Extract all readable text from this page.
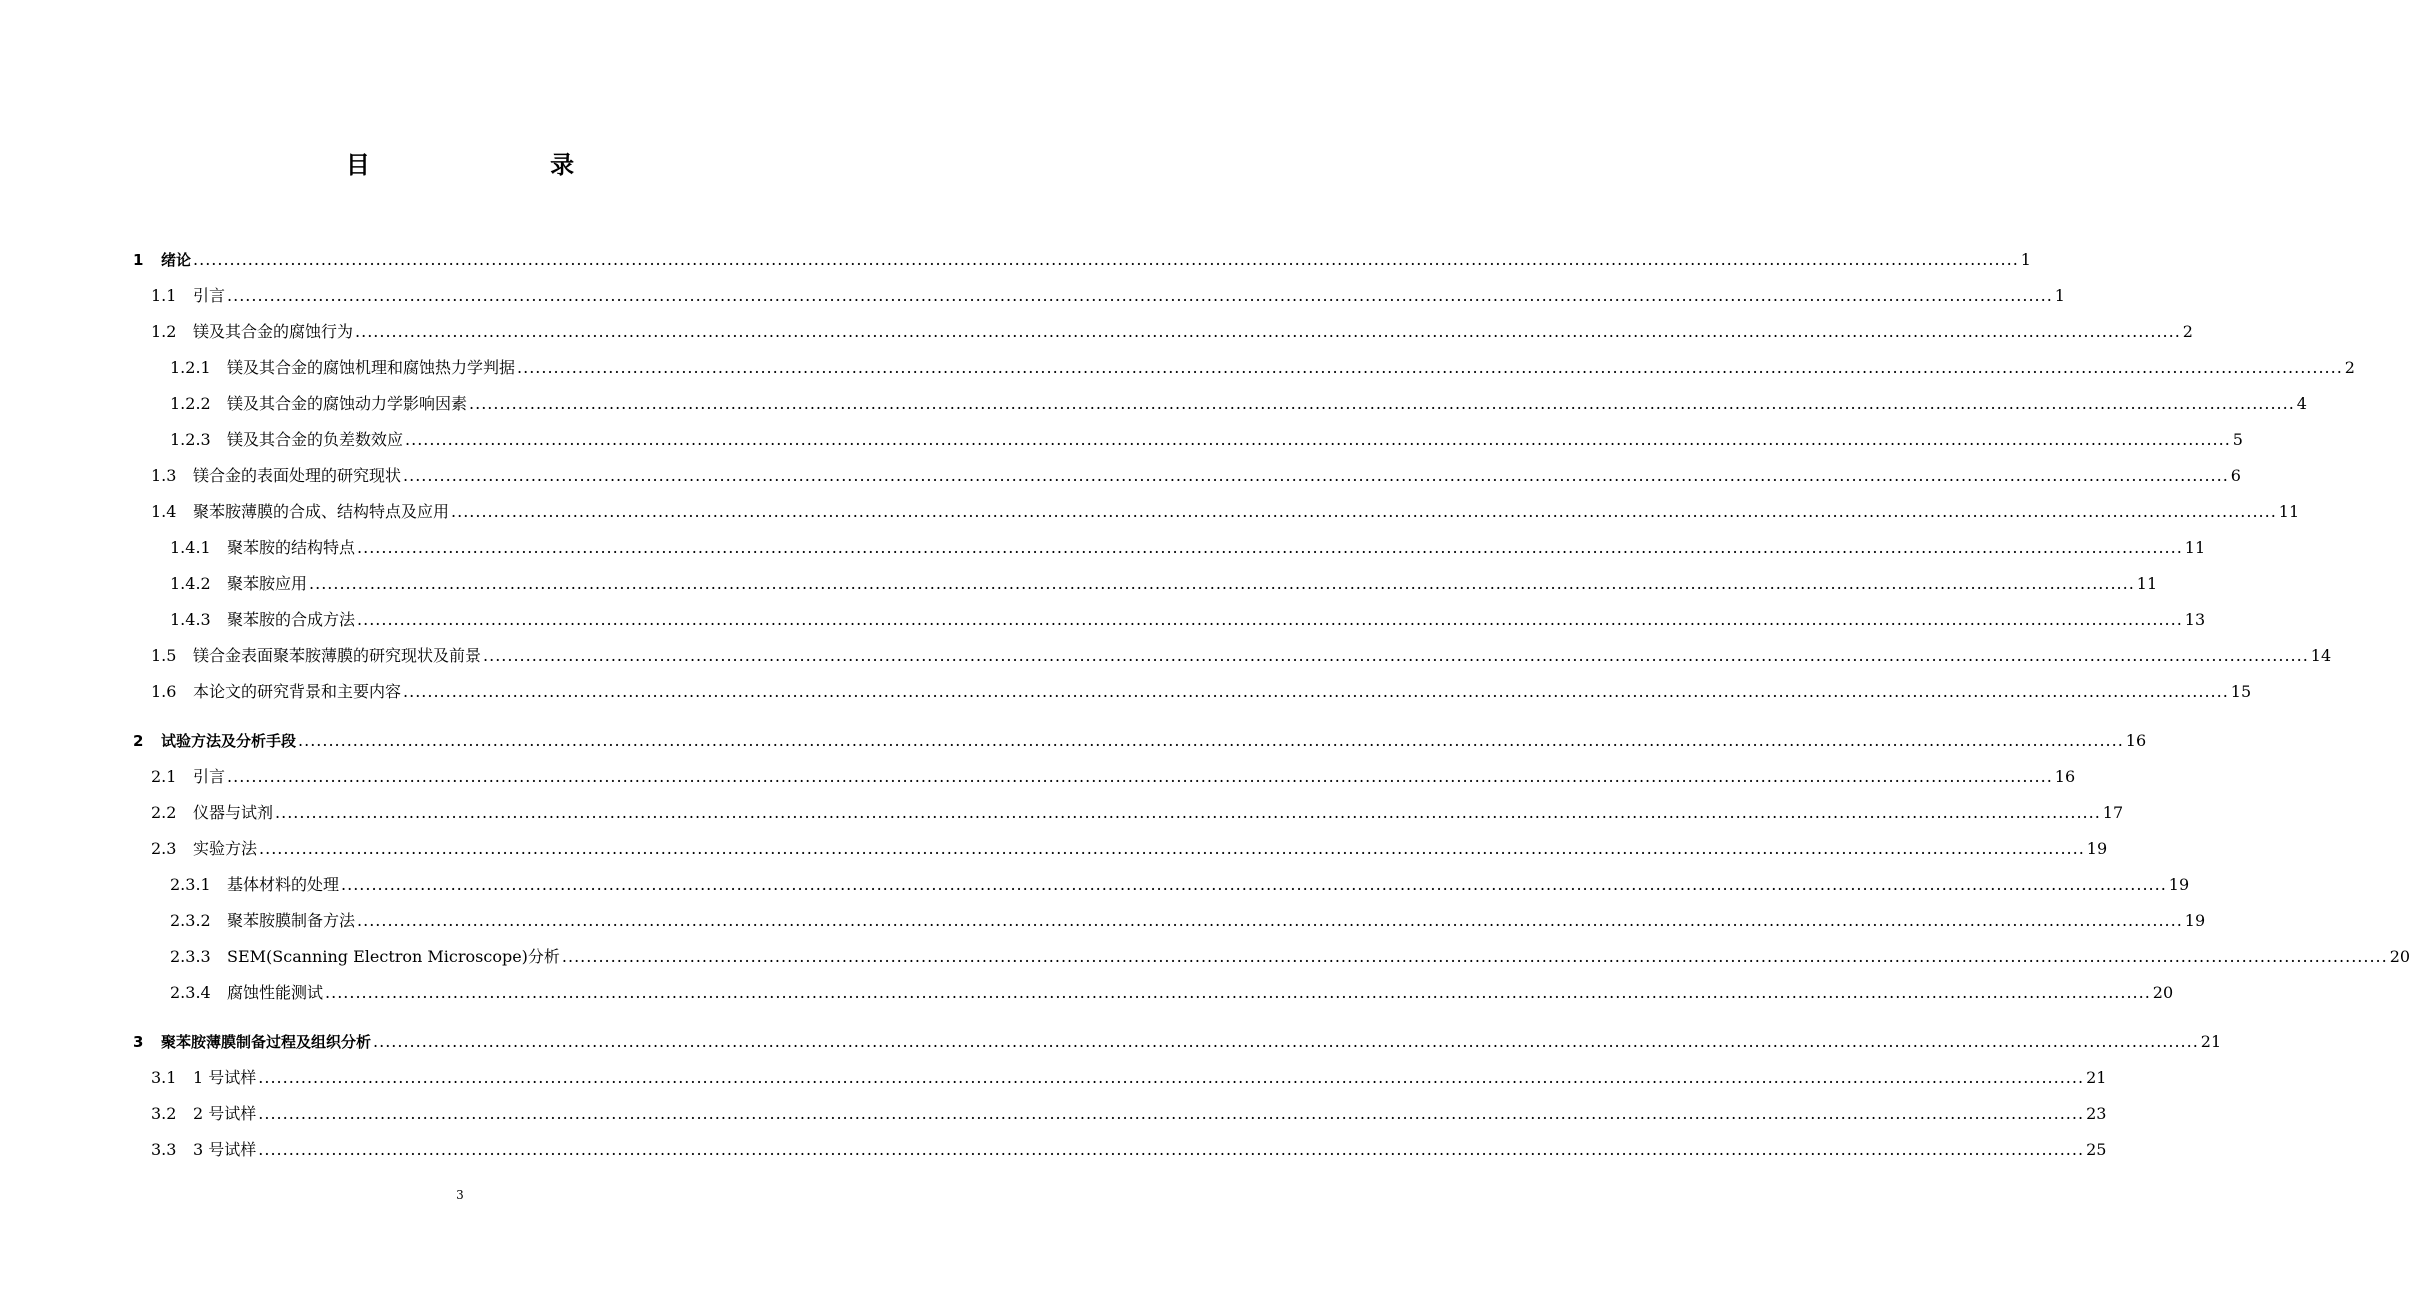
目 录
1	绪论 ............................................................................................................................................................................................................................................................................................................ 1
1.1	引言 ............................................................................................................................................................................................................................................................................................................ 1
1.2	镁及其合金的腐蚀行为 ............................................................................................................................................................................................................................................................................................................ 2
1.2.1	镁及其合金的腐蚀机理和腐蚀热力学判据 ............................................................................................................................................................................................................................................................................................................ 2
1.2.2	镁及其合金的腐蚀动力学影响因素 ............................................................................................................................................................................................................................................................................................................ 4
1.2.3	镁及其合金的负差数效应 ............................................................................................................................................................................................................................................................................................................ 5
1.3	镁合金的表面处理的研究现状 ............................................................................................................................................................................................................................................................................................................ 6
1.4	聚苯胺薄膜的合成、结构特点及应用 ............................................................................................................................................................................................................................................................................................................ 11
1.4.1	聚苯胺的结构特点 ............................................................................................................................................................................................................................................................................................................ 11
1.4.2	聚苯胺应用 ............................................................................................................................................................................................................................................................................................................ 11
1.4.3	聚苯胺的合成方法 ............................................................................................................................................................................................................................................................................................................ 13
1.5	镁合金表面聚苯胺薄膜的研究现状及前景 ............................................................................................................................................................................................................................................................................................................ 14
1.6	本论文的研究背景和主要内容 ............................................................................................................................................................................................................................................................................................................ 15
2	试验方法及分析手段 ............................................................................................................................................................................................................................................................................................................ 16
2.1	引言 ............................................................................................................................................................................................................................................................................................................ 16
2.2	仪器与试剂 ............................................................................................................................................................................................................................................................................................................ 17
2.3	实验方法 ............................................................................................................................................................................................................................................................................................................ 19
2.3.1	基体材料的处理 ............................................................................................................................................................................................................................................................................................................ 19
2.3.2	聚苯胺膜制备方法 ............................................................................................................................................................................................................................................................................................................ 19
2.3.3	SEM(Scanning Electron Microscope)分析 ............................................................................................................................................................................................................................................................................................................ 20
2.3.4	腐蚀性能测试 ............................................................................................................................................................................................................................................................................................................ 20
3	聚苯胺薄膜制备过程及组织分析 ............................................................................................................................................................................................................................................................................................................ 21
3.1	1 号试样 ............................................................................................................................................................................................................................................................................................................ 21
3.2	2 号试样 ............................................................................................................................................................................................................................................................................................................ 23
3.3	3 号试样 ............................................................................................................................................................................................................................................................................................................ 25
3
